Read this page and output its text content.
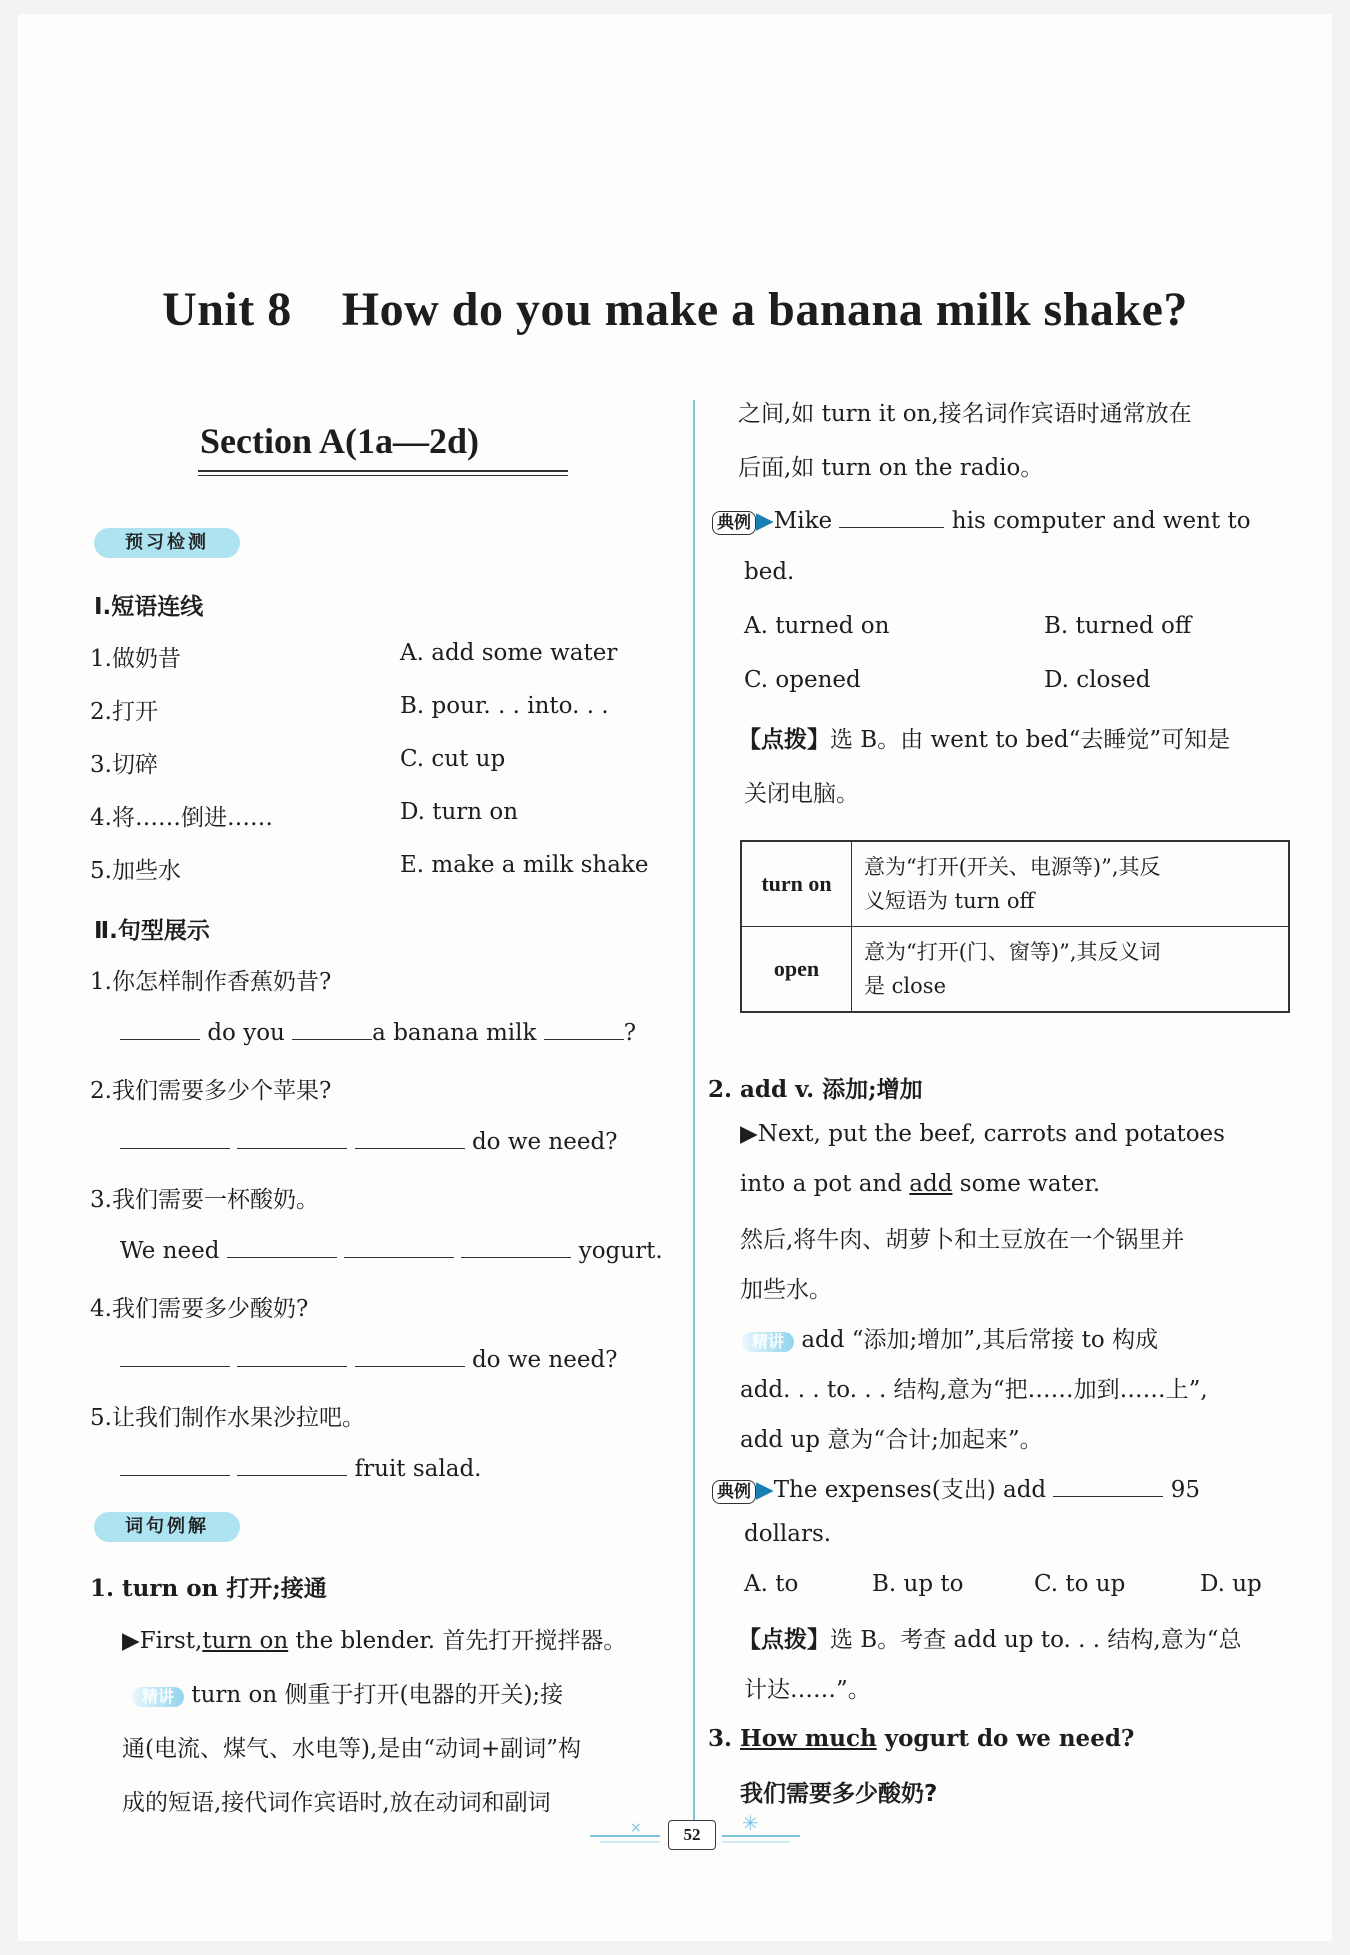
Unit 8    How do you make a banana milk shake?
Section A(1a—2d)
预习检测
Ⅰ.短语连线
1.做奶昔	A. add some water
2.打开	B. pour. . . into. . .
3.切碎	C. cut up
4.将……倒进……	D. turn on
5.加些水	E. make a milk shake
Ⅱ.句型展示
1.你怎样制作香蕉奶昔?
do you	a banana milk	?
2.我们需要多少个苹果?
do we need?
3.我们需要一杯酸奶。
We need	yogurt.
4.我们需要多少酸奶?
do we need?
5.让我们制作水果沙拉吧。
fruit salad.
词句例解
1. turn on 打开;接通
▶First,turn on the blender. 首先打开搅拌器。
精讲 turn on 侧重于打开(电器的开关);接
通(电流、煤气、水电等),是由“动词+副词”构
成的短语,接代词作宾语时,放在动词和副词
之间,如 turn it on,接名词作宾语时通常放在
后面,如 turn on the radio。
典例 ▶Mike	his computer and went to
bed.
A. turned on	B. turned off
C. opened	D. closed
【点拨】选 B。由 went to bed“去睡觉”可知是
关闭电脑。
turn on	意为“打开(开关、电源等)”,其反
义短语为 turn off
open	意为“打开(门、窗等)”,其反义词
是 close
2. add v. 添加;增加
▶Next, put the beef, carrots and potatoes
into a pot and add some water.
然后,将牛肉、胡萝卜和土豆放在一个锅里并
加些水。
精讲 add “添加;增加”,其后常接 to 构成
add. . . to. . . 结构,意为“把……加到……上”,
add up 意为“合计;加起来”。
典例 ▶The expenses(支出) add	95
dollars.
A. to	B. up to	C. to up	D. up
【点拨】选 B。考查 add up to. . . 结构,意为“总
计达……”。
3. How much yogurt do we need?
我们需要多少酸奶?
×	✳
52
